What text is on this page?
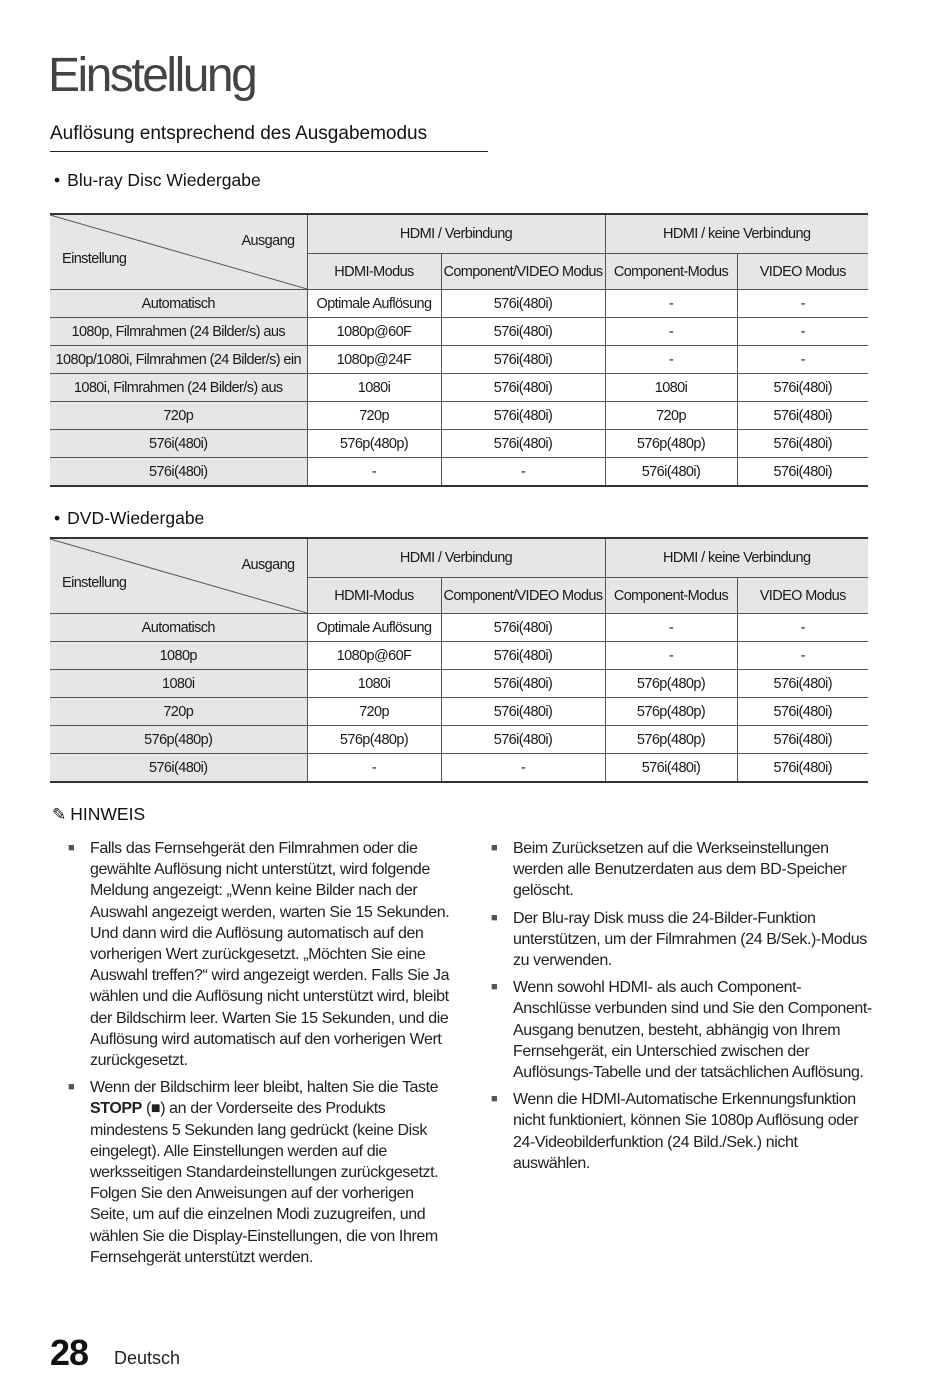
Einstellung
Auflösung entsprechend des Ausgabemodus
• Blu-ray Disc Wiedergabe
Ausgang
Einstellung	HDMI / Verbindung		HDMI / keine Verbindung	
	HDMI-Modus	Component/VIDEO Modus	Component-Modus	VIDEO Modus
Automatisch	Optimale Auflösung	576i(480i)	-	-
1080p, Filmrahmen (24 Bilder/s) aus	1080p@60F	576i(480i)	-	-
1080p/1080i, Filmrahmen (24 Bilder/s) ein	1080p@24F	576i(480i)	-	-
1080i, Filmrahmen (24 Bilder/s) aus	1080i	576i(480i)	1080i	576i(480i)
720p	720p	576i(480i)	720p	576i(480i)
576i(480i)	576p(480p)	576i(480i)	576p(480p)	576i(480i)
576i(480i)	-	-	576i(480i)	576i(480i)
• DVD-Wiedergabe
Ausgang
Einstellung	HDMI / Verbindung		HDMI / keine Verbindung	
	HDMI-Modus	Component/VIDEO Modus	Component-Modus	VIDEO Modus
Automatisch	Optimale Auflösung	576i(480i)	-	-
1080p	1080p@60F	576i(480i)	-	-
1080i	1080i	576i(480i)	576p(480p)	576i(480i)
720p	720p	576i(480i)	576p(480p)	576i(480i)
576p(480p)	576p(480p)	576i(480i)	576p(480p)	576i(480i)
576i(480i)	-	-	576i(480i)	576i(480i)
✎ HINWEIS
■ Falls das Fernsehgerät den Filmrahmen oder die gewählte Auflösung nicht unterstützt, wird folgende Meldung angezeigt: „Wenn keine Bilder nach der Auswahl angezeigt werden, warten Sie 15 Sekunden. Und dann wird die Auflösung automatisch auf den vorherigen Wert zurückgesetzt. „Möchten Sie eine Auswahl treffen?“ wird angezeigt werden. Falls Sie Ja wählen und die Auflösung nicht unterstützt wird, bleibt der Bildschirm leer. Warten Sie 15 Sekunden, und die Auflösung wird automatisch auf den vorherigen Wert zurückgesetzt.
■ Wenn der Bildschirm leer bleibt, halten Sie die Taste STOPP (■) an der Vorderseite des Produkts mindestens 5 Sekunden lang gedrückt (keine Disk eingelegt). Alle Einstellungen werden auf die werksseitigen Standardeinstellungen zurückgesetzt. Folgen Sie den Anweisungen auf der vorherigen Seite, um auf die einzelnen Modi zuzugreifen, und wählen Sie die Display-Einstellungen, die von Ihrem Fernsehgerät unterstützt werden.
■ Beim Zurücksetzen auf die Werkseinstellungen werden alle Benutzerdaten aus dem BD-Speicher gelöscht.
■ Der Blu-ray Disk muss die 24-Bilder-Funktion unterstützen, um der Filmrahmen (24 B/Sek.)-Modus zu verwenden.
■ Wenn sowohl HDMI- als auch Component-Anschlüsse verbunden sind und Sie den Component-Ausgang benutzen, besteht, abhängig von Ihrem Fernsehgerät, ein Unterschied zwischen der Auflösungs-Tabelle und der tatsächlichen Auflösung.
■ Wenn die HDMI-Automatische Erkennungsfunktion nicht funktioniert, können Sie 1080p Auflösung oder 24-Videobilderfunktion (24 Bild./Sek.) nicht auswählen.
28 Deutsch
